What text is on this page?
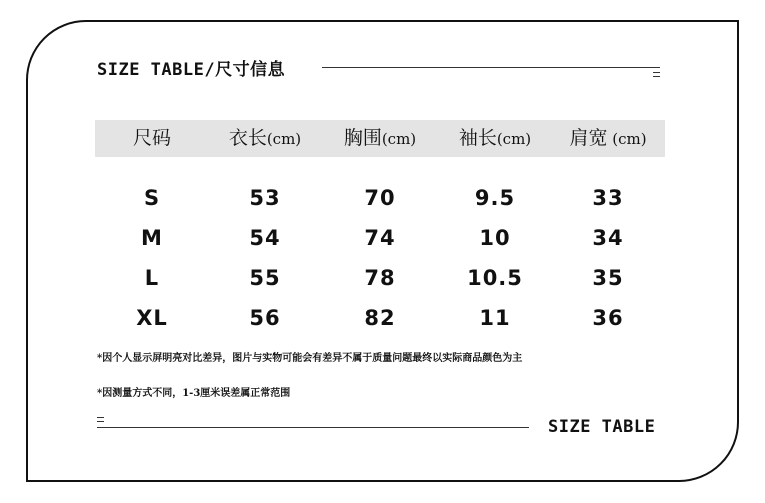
SIZE TABLE/尺寸信息
尺码	衣长(cm)	胸围(cm)	袖长(cm)	肩宽 (cm)
S	53	70	9.5	33
M	54	74	10	34
L	55	78	10.5	35
XL	56	82	11	36
*因个人显示屏明亮对比差异，图片与实物可能会有差异不属于质量问题最终以实际商品颜色为主
*因测量方式不同，1-3厘米误差属正常范围
SIZE TABLE
